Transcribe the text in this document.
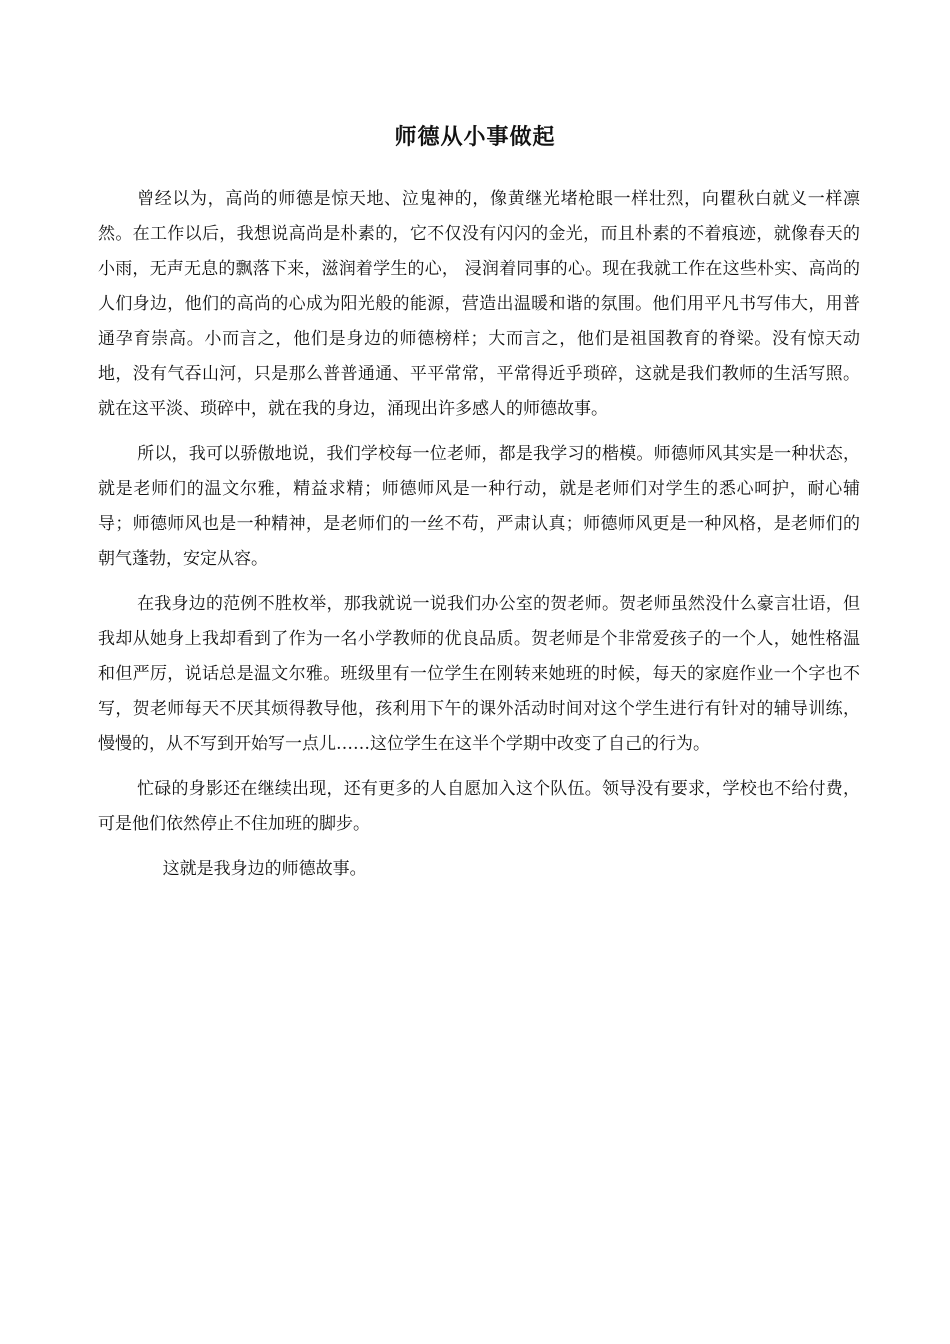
师德从小事做起

曾经以为，高尚的师德是惊天地、泣鬼神的，像黄继光堵枪眼一样壮烈，向瞿秋白就义一样凛然。在工作以后，我想说高尚是朴素的，它不仅没有闪闪的金光，而且朴素的不着痕迹，就像春天的小雨，无声无息的飘落下来，滋润着学生的心， 浸润着同事的心。现在我就工作在这些朴实、高尚的人们身边，他们的高尚的心成为阳光般的能源，营造出温暖和谐的氛围。他们用平凡书写伟大，用普通孕育崇高。小而言之，他们是身边的师德榜样；大而言之，他们是祖国教育的脊梁。没有惊天动地，没有气吞山河，只是那么普普通通、平平常常，平常得近乎琐碎，这就是我们教师的生活写照。就在这平淡、琐碎中，就在我的身边，涌现出许多感人的师德故事。

所以，我可以骄傲地说，我们学校每一位老师，都是我学习的楷模。师德师风其实是一种状态，就是老师们的温文尔雅，精益求精；师德师风是一种行动，就是老师们对学生的悉心呵护，耐心辅导；师德师风也是一种精神，是老师们的一丝不苟，严肃认真；师德师风更是一种风格，是老师们的朝气蓬勃，安定从容。

在我身边的范例不胜枚举，那我就说一说我们办公室的贺老师。贺老师虽然没什么豪言壮语，但我却从她身上我却看到了作为一名小学教师的优良品质。贺老师是个非常爱孩子的一个人，她性格温和但严厉，说话总是温文尔雅。班级里有一位学生在刚转来她班的时候，每天的家庭作业一个字也不写，贺老师每天不厌其烦得教导他，孩利用下午的课外活动时间对这个学生进行有针对的辅导训练，慢慢的，从不写到开始写一点儿……这位学生在这半个学期中改变了自己的行为。

忙碌的身影还在继续出现，还有更多的人自愿加入这个队伍。领导没有要求，学校也不给付费，可是他们依然停止不住加班的脚步。

这就是我身边的师德故事。
